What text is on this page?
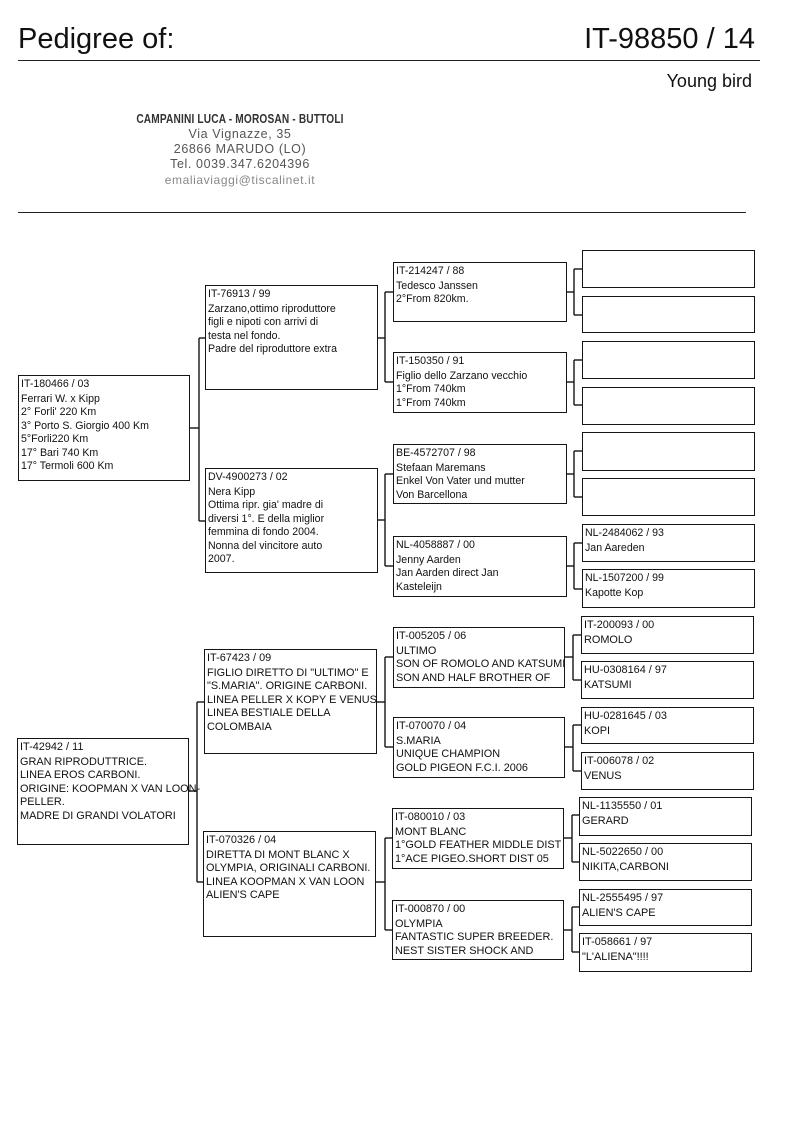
Pedigree of:	IT-98850 / 14
Young bird
CAMPANINI LUCA - MOROSAN - BUTTOLI
Via Vignazze, 35
26866 MARUDO (LO)
Tel. 0039.347.6204396
emaliaviaggi@tiscalinet.it
IT-180466 / 03
Ferrari W. x Kipp
2° Forli' 220 Km
3° Porto S. Giorgio 400 Km
5°Forli220 Km
17° Bari 740 Km
17° Termoli 600 Km
IT-76913 / 99
Zarzano,ottimo riproduttore
figli e nipoti con arrivi di
testa nel fondo.
Padre del riproduttore extra
DV-4900273 / 02
Nera Kipp
Ottima ripr. gia' madre di
diversi 1°. E della miglior
femmina di fondo 2004.
Nonna del vincitore auto
2007.
IT-214247 / 88
Tedesco Janssen
2°From 820km.
IT-150350 / 91
Figlio dello Zarzano vecchio
1°From 740km
1°From 740km
BE-4572707 / 98
Stefaan Maremans
Enkel Von Vater und mutter
Von Barcellona
NL-4058887 / 00
Jenny Aarden
Jan Aarden direct Jan
Kasteleijn
NL-2484062 / 93
Jan Aareden
NL-1507200 / 99
Kapotte Kop
IT-42942 / 11
GRAN RIPRODUTTRICE.
LINEA EROS CARBONI.
ORIGINE: KOOPMAN X VAN LOON-
PELLER.
MADRE DI GRANDI VOLATORI
IT-67423 / 09
FIGLIO DIRETTO DI "ULTIMO" E
"S.MARIA". ORIGINE CARBONI.
LINEA PELLER X KOPY E VENUS
LINEA BESTIALE DELLA
COLOMBAIA
IT-070326 / 04
DIRETTA DI MONT BLANC X
OLYMPIA, ORIGINALI CARBONI.
LINEA KOOPMAN X VAN LOON
ALIEN'S CAPE
IT-005205 / 06
ULTIMO
SON OF ROMOLO AND KATSUMI
SON AND HALF BROTHER OF
IT-070070 / 04
S.MARIA
UNIQUE CHAMPION
GOLD PIGEON F.C.I. 2006
IT-080010 / 03
MONT BLANC
1°GOLD FEATHER MIDDLE DIST
1°ACE PIGEO.SHORT DIST 05
IT-000870 / 00
OLYMPIA
FANTASTIC SUPER BREEDER.
NEST SISTER SHOCK AND
IT-200093 / 00
ROMOLO
HU-0308164 / 97
KATSUMI
HU-0281645 / 03
KOPI
IT-006078 / 02
VENUS
NL-1135550 / 01
GERARD
NL-5022650 / 00
NIKITA,CARBONI
NL-2555495 / 97
ALIEN'S CAPE
IT-058661 / 97
"L'ALIENA"!!!!
